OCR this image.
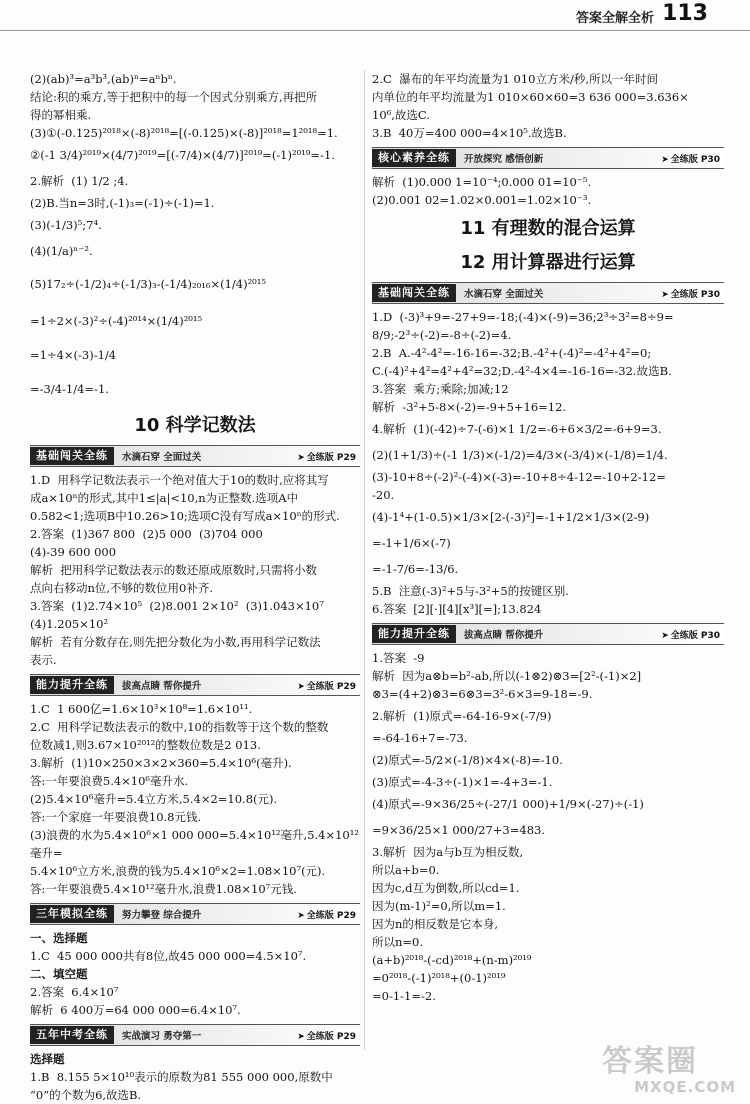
答案全解全析 113
(2)(ab)³=a³b³,(ab)ⁿ=aⁿbⁿ.
结论:积的乘方,等于把积中的每一个因式分别乘方,再把所
得的幂相乘.
(3)①(-0.125)²⁰¹⁸×(-8)²⁰¹⁸=[(-0.125)×(-8)]²⁰¹⁸=1²⁰¹⁸=1.
②(-1 3/4)²⁰¹⁹×(4/7)²⁰¹⁹=[(-7/4)×(4/7)]²⁰¹⁹=(-1)²⁰¹⁹=-1.
2.解析  (1) 1/2 ;4.
(2)B.当n=3时,(-1)₃=(-1)÷(-1)=1.
(3)(-1/3)⁵;7⁴.
(4)(1/a)ⁿ⁻².
(5)17₂÷(-1/2)₄÷(-1/3)₃-(-1/4)₂₀₁₆×(1/4)²⁰¹⁵
=1÷2×(-3)²÷(-4)²⁰¹⁴×(1/4)²⁰¹⁵
=1÷4×(-3)-1/4
=-3/4-1/4=-1.
10 科学记数法
基础闯关全练	水滴石穿 全面过关	➤ 全练版 P29
1.D  用科学记数法表示一个绝对值大于10的数时,应将其写
成a×10ⁿ的形式,其中1≤|a|<10,n为正整数.选项A中
0.582<1;选项B中10.26>10;选项C没有写成a×10ⁿ的形式.
2.答案  (1)367 800  (2)5 000  (3)704 000
(4)-39 600 000
解析  把用科学记数法表示的数还原成原数时,只需将小数
点向右移动n位,不够的数位用0补齐.
3.答案  (1)2.74×10⁵  (2)8.001 2×10²  (3)1.043×10⁷
(4)1.205×10²
解析  若有分数存在,则先把分数化为小数,再用科学记数法
表示.
能力提升全练	拔高点睛 帮你提升	➤ 全练版 P29
1.C  1 600亿=1.6×10³×10⁸=1.6×10¹¹.
2.C  用科学记数法表示的数中,10的指数等于这个数的整数
位数减1,则3.67×10²⁰¹²的整数位数是2 013.
3.解析  (1)10×250×3×2×360=5.4×10⁶(毫升).
答:一年要浪费5.4×10⁶毫升水.
(2)5.4×10⁶毫升=5.4立方米,5.4×2=10.8(元).
答:一个家庭一年要浪费10.8元钱.
(3)浪费的水为5.4×10⁶×1 000 000=5.4×10¹²毫升,5.4×10¹²毫升=
5.4×10⁶立方米,浪费的钱为5.4×10⁶×2=1.08×10⁷(元).
答:一年要浪费5.4×10¹²毫升水,浪费1.08×10⁷元钱.
三年模拟全练	努力攀登 综合提升	➤ 全练版 P29
一、选择题
1.C  45 000 000共有8位,故45 000 000=4.5×10⁷.
二、填空题
2.答案  6.4×10⁷
解析  6 400万=64 000 000=6.4×10⁷.
五年中考全练	实战演习 勇夺第一	➤ 全练版 P29
选择题
1.B  8.155 5×10¹⁰表示的原数为81 555 000 000,原数中
“0”的个数为6,故选B.
2.C  瀑布的年平均流量为1 010立方米/秒,所以一年时间
内单位的年平均流量为1 010×60×60=3 636 000=3.636×
10⁶,故选C.
3.B  40万=400 000=4×10⁵.故选B.
核心素养全练	开放探究 感悟创新	➤ 全练版 P30
解析  (1)0.000 1=10⁻⁴;0.000 01=10⁻⁵.
(2)0.001 02=1.02×0.001=1.02×10⁻³.
11 有理数的混合运算
12 用计算器进行运算
基础闯关全练	水滴石穿 全面过关	➤ 全练版 P30
1.D  (-3)³+9=-27+9=-18;(-4)×(-9)=36;2³÷3²=8÷9=
8/9;-2³÷(-2)=-8÷(-2)=4.
2.B  A.-4²-4²=-16-16=-32;B.-4²+(-4)²=-4²+4²=0;
C.(-4)²+4²=4²+4²=32;D.-4²-4×4=-16-16=-32.故选B.
3.答案  乘方;乘除;加减;12
解析  -3²+5-8×(-2)=-9+5+16=12.
4.解析  (1)(-42)÷7-(-6)×1 1/2=-6+6×3/2=-6+9=3.
(2)(1+1/3)÷(-1 1/3)×(-1/2)=4/3×(-3/4)×(-1/8)=1/4.
(3)-10+8÷(-2)²-(-4)×(-3)=-10+8÷4-12=-10+2-12=
-20.
(4)-1⁴+(1-0.5)×1/3×[2-(-3)²]=-1+1/2×1/3×(2-9)
=-1+1/6×(-7)
=-1-7/6=-13/6.
5.B  注意(-3)²+5与-3²+5的按键区别.
6.答案  [2][·][4][x³][=];13.824
能力提升全练	拔高点睛 帮你提升	➤ 全练版 P30
1.答案  -9
解析  因为a⊗b=b²-ab,所以(-1⊗2)⊗3=[2²-(-1)×2]
⊗3=(4+2)⊗3=6⊗3=3²-6×3=9-18=-9.
2.解析  (1)原式=-64-16-9×(-7/9)
=-64-16+7=-73.
(2)原式=-5/2×(-1/8)×4×(-8)=-10.
(3)原式=-4-3÷(-1)×1=-4+3=-1.
(4)原式=-9×36/25÷(-27/1 000)+1/9×(-27)÷(-1)
=9×36/25×1 000/27+3=483.
3.解析  因为a与b互为相反数,
所以a+b=0.
因为c,d互为倒数,所以cd=1.
因为(m-1)²=0,所以m=1.
因为n的相反数是它本身,
所以n=0.
(a+b)²⁰¹⁸-(-cd)²⁰¹⁸+(n-m)²⁰¹⁹
=0²⁰¹⁸-(-1)²⁰¹⁸+(0-1)²⁰¹⁹
=0-1-1=-2.
答案圈
MXQE.COM
